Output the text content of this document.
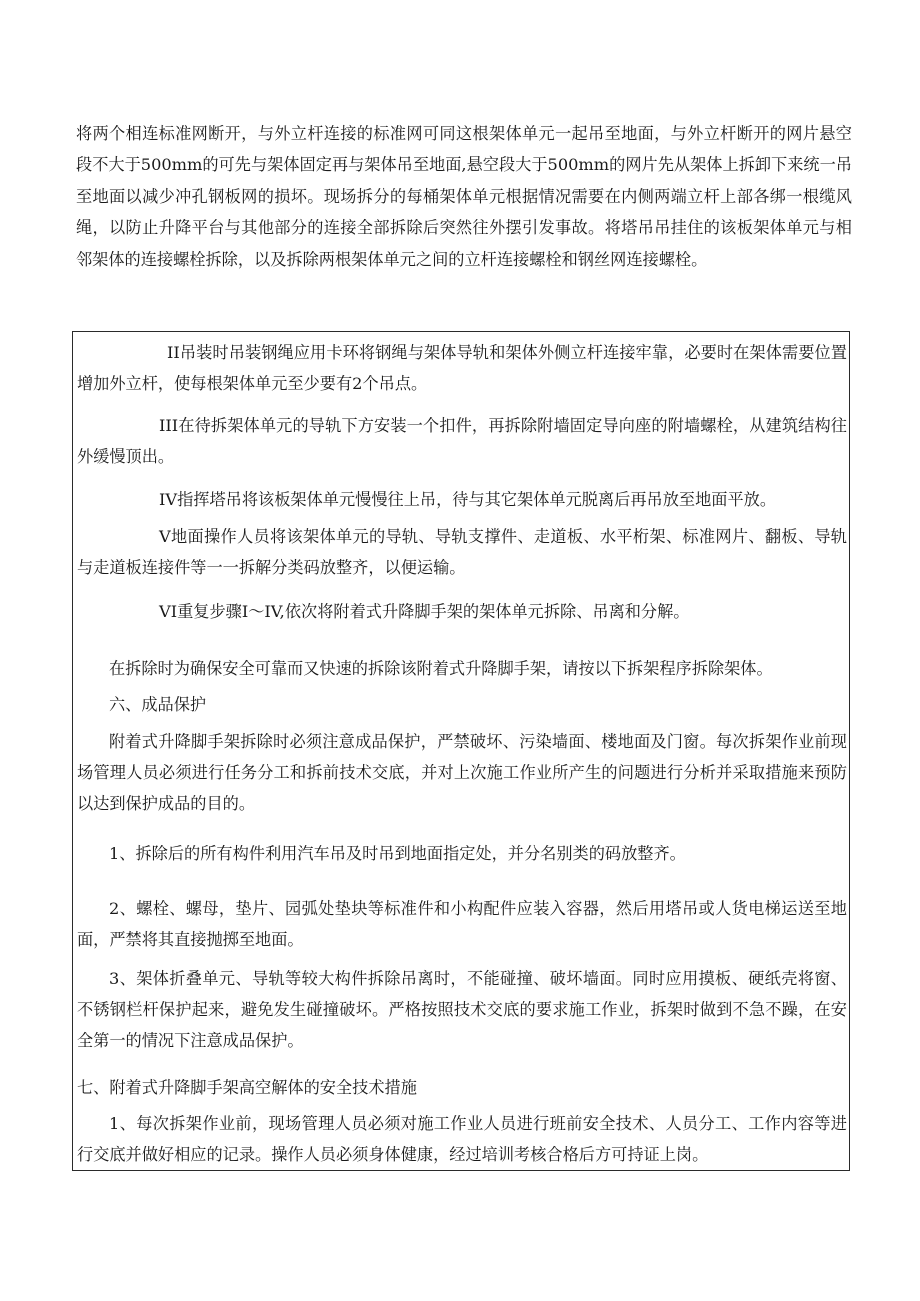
将两个相连标准网断开，与外立杆连接的标准网可同这根架体单元一起吊至地面，与外立杆断开的网片悬空段不大于500mm的可先与架体固定再与架体吊至地面,悬空段大于500mm的网片先从架体上拆卸下来统一吊至地面以减少冲孔钢板网的损坏。现场拆分的每桶架体单元根据情况需要在内侧两端立杆上部各绑一根缆风绳，以防止升降平台与其他部分的连接全部拆除后突然往外摆引发事故。将塔吊吊挂住的该板架体单元与相邻架体的连接螺栓拆除，以及拆除两根架体单元之间的立杆连接螺栓和钢丝网连接螺栓。
II吊装时吊装钢绳应用卡环将钢绳与架体导轨和架体外侧立杆连接牢靠，必要时在架体需要位置增加外立杆，使每根架体单元至少要有2个吊点。
III在待拆架体单元的导轨下方安装一个扣件，再拆除附墙固定导向座的附墙螺栓，从建筑结构往外缓慢顶出。
IV指挥塔吊将该板架体单元慢慢往上吊，待与其它架体单元脱离后再吊放至地面平放。
V地面操作人员将该架体单元的导轨、导轨支撑件、走道板、水平桁架、标准网片、翻板、导轨与走道板连接件等一一拆解分类码放整齐，以便运输。
VI重复步骤I～IV,依次将附着式升降脚手架的架体单元拆除、吊离和分解。
在拆除时为确保安全可靠而又快速的拆除该附着式升降脚手架，请按以下拆架程序拆除架体。
六、成品保护
附着式升降脚手架拆除时必须注意成品保护，严禁破坏、污染墙面、楼地面及门窗。每次拆架作业前现场管理人员必须进行任务分工和拆前技术交底，并对上次施工作业所产生的问题进行分析并采取措施来预防以达到保护成品的目的。
1、拆除后的所有构件利用汽车吊及时吊到地面指定处，并分名别类的码放整齐。
2、螺栓、螺母，垫片、园弧处垫块等标准件和小构配件应装入容器，然后用塔吊或人货电梯运送至地面，严禁将其直接抛掷至地面。
3、架体折叠单元、导轨等较大构件拆除吊离时，不能碰撞、破坏墙面。同时应用摸板、硬纸壳将窗、不锈钢栏杆保护起来，避免发生碰撞破坏。严格按照技术交底的要求施工作业，拆架时做到不急不躁，在安全第一的情况下注意成品保护。
七、附着式升降脚手架高空解体的安全技术措施
1、每次拆架作业前，现场管理人员必须对施工作业人员进行班前安全技术、人员分工、工作内容等进行交底并做好相应的记录。操作人员必须身体健康，经过培训考核合格后方可持证上岗。
